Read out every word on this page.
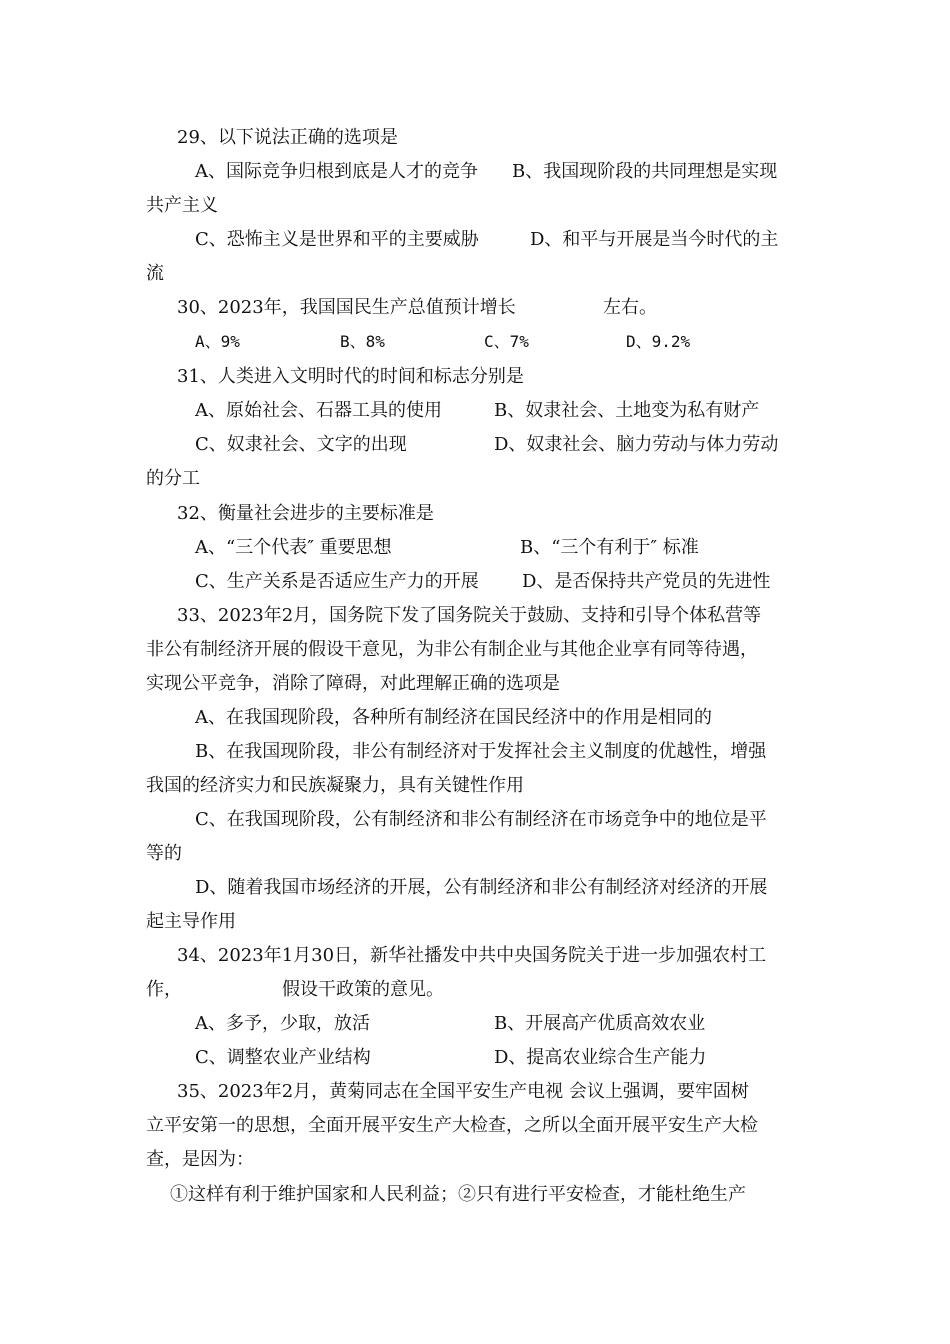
29、以下说法正确的选项是
A、国际竞争归根到底是人才的竞争 B、我国现阶段的共同理想是实现
共产主义
C、恐怖主义是世界和平的主要威胁	D、和平与开展是当今时代的主
流
30、2023年，我国国民生产总值预计增长	左右。
A、9%	B、8%	C、7%	D、9.2%
31、人类进入文明时代的时间和标志分别是
A、原始社会、石器工具的使用	B、奴隶社会、土地变为私有财产
C、奴隶社会、文字的出现	D、奴隶社会、脑力劳动与体力劳动
的分工
32、衡量社会进步的主要标准是
A、“三个代表″ 重要思想	B、“三个有利于″ 标准
C、生产关系是否适应生产力的开展 D、是否保持共产党员的先进性
33、2023年2月，国务院下发了国务院关于鼓励、支持和引导个体私营等
非公有制经济开展的假设干意见，为非公有制企业与其他企业享有同等待遇，
实现公平竞争，消除了障碍，对此理解正确的选项是
A、在我国现阶段，各种所有制经济在国民经济中的作用是相同的
B、在我国现阶段，非公有制经济对于发挥社会主义制度的优越性，增强
我国的经济实力和民族凝聚力，具有关键性作用
C、在我国现阶段，公有制经济和非公有制经济在市场竞争中的地位是平
等的
D、随着我国市场经济的开展，公有制经济和非公有制经济对经济的开展
起主导作用
34、2023年1月30日，新华社播发中共中央国务院关于进一步加强农村工
作，	假设干政策的意见。
A、多予，少取，放活	B、开展高产优质高效农业
C、调整农业产业结构	D、提高农业综合生产能力
35、2023年2月，黄菊同志在全国平安生产电视 会议上强调，要牢固树
立平安第一的思想，全面开展平安生产大检查，之所以全面开展平安生产大检
查，是因为：
①这样有利于维护国家和人民利益；②只有进行平安检查，才能杜绝生产
